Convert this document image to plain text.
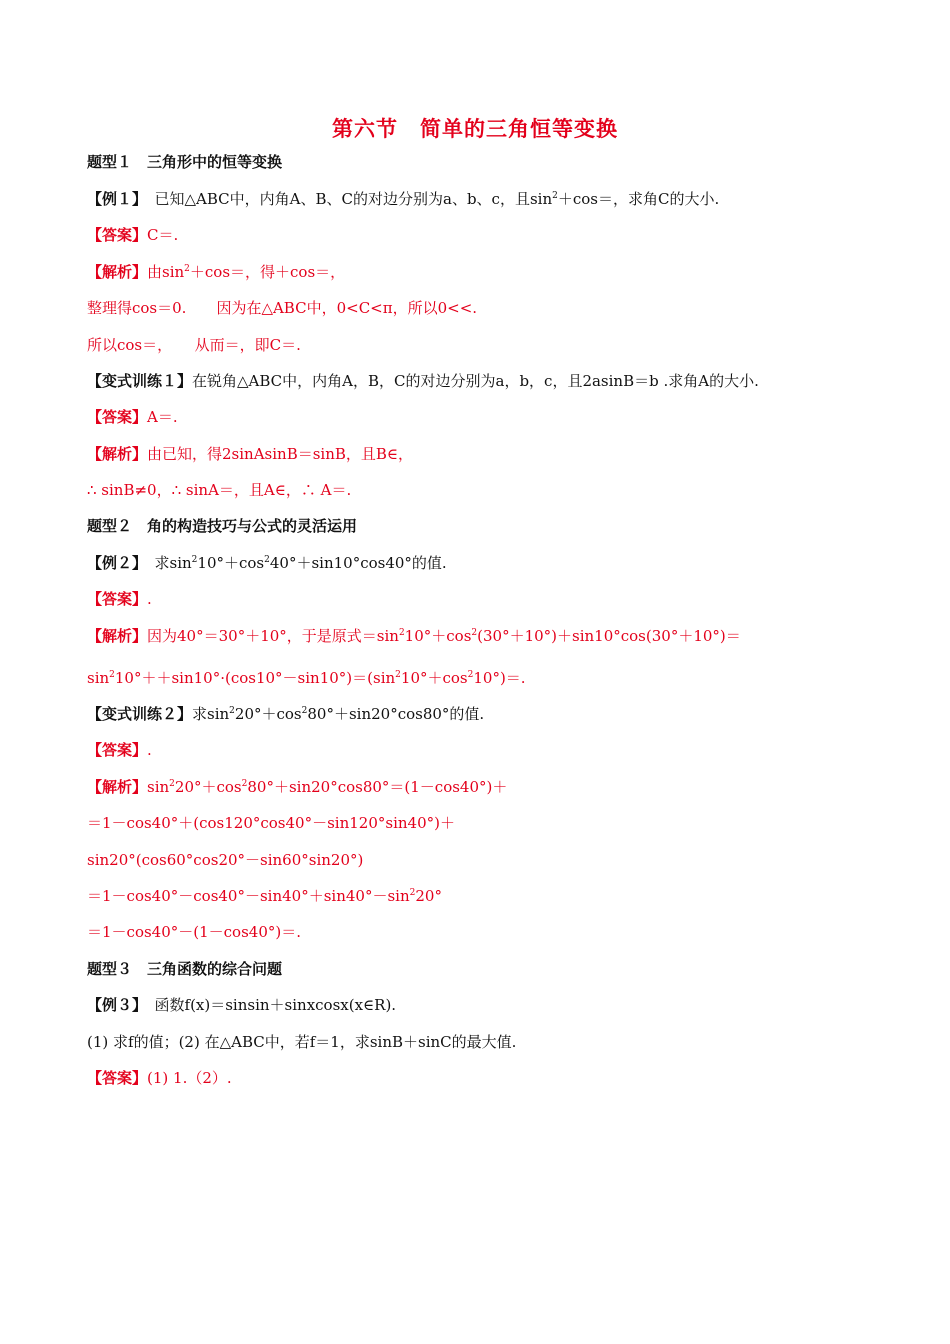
第六节　简单的三角恒等变换
题型１　三角形中的恒等变换
【例１】　已知△ABC中，内角A、B、C的对边分别为a、b、c，且$\sin^2+\cos=$，求角C的大小.
【答案】C＝.
【解析】由$\sin^2+\cos=$，得＋cos＝，
整理得cos＝0.　　因为在△ABC中，0<C<π，所以0<<.
所以cos＝，　　从而＝，即C＝.
【变式训练１】在锐角△ABC中，内角A，B，C的对边分别为a，b，c，且2asinB＝b .求角A的大小.
【答案】A＝.
【解析】由已知，得2sinAsinB＝sinB，且B∈，
∴ sinB≠0，∴ sinA＝，且A∈，∴ A＝.
题型２　角的构造技巧与公式的灵活运用
【例２】　求$\sin^210^\circ+\cos^240^\circ+\sin 10^\circ\cos 40^\circ$的值.
【答案】.
【解析】因为40°＝30°＋10°，于是原式$=\sin^210^\circ+\cos^2(30^\circ+10^\circ)+\sin 10^\circ\cos(30^\circ+10^\circ)=$
$\sin^210^\circ++\sin 10^\circ\cdot(\cos 10^\circ-\sin 10^\circ)=(\sin^210^\circ+\cos^210^\circ)=$.
【变式训练２】求$\sin^220^\circ+\cos^280^\circ+\sin 20^\circ\cos 80^\circ$的值.
【答案】.
【解析】$\sin^220^\circ+\cos^280^\circ+\sin 20^\circ\cos 80^\circ=(1-\cos 40^\circ)+$
＝1－cos40°＋(cos120°cos40°－sin120°sin40°)＋
sin20°(cos60°cos20°－sin60°sin20°)
$=1-\cos 40^\circ-\cos 40^\circ-\sin 40^\circ+\sin 40^\circ-\sin^220^\circ$
＝1－cos40°－(1－cos40°)＝.
题型３　三角函数的综合问题
【例３】　函数f(x)＝sinsin＋sinxcosx(x∈R).
(1) 求f的值；(2) 在△ABC中，若f＝1，求sinB＋sinC的最大值.
【答案】(1) 1.（2）.
